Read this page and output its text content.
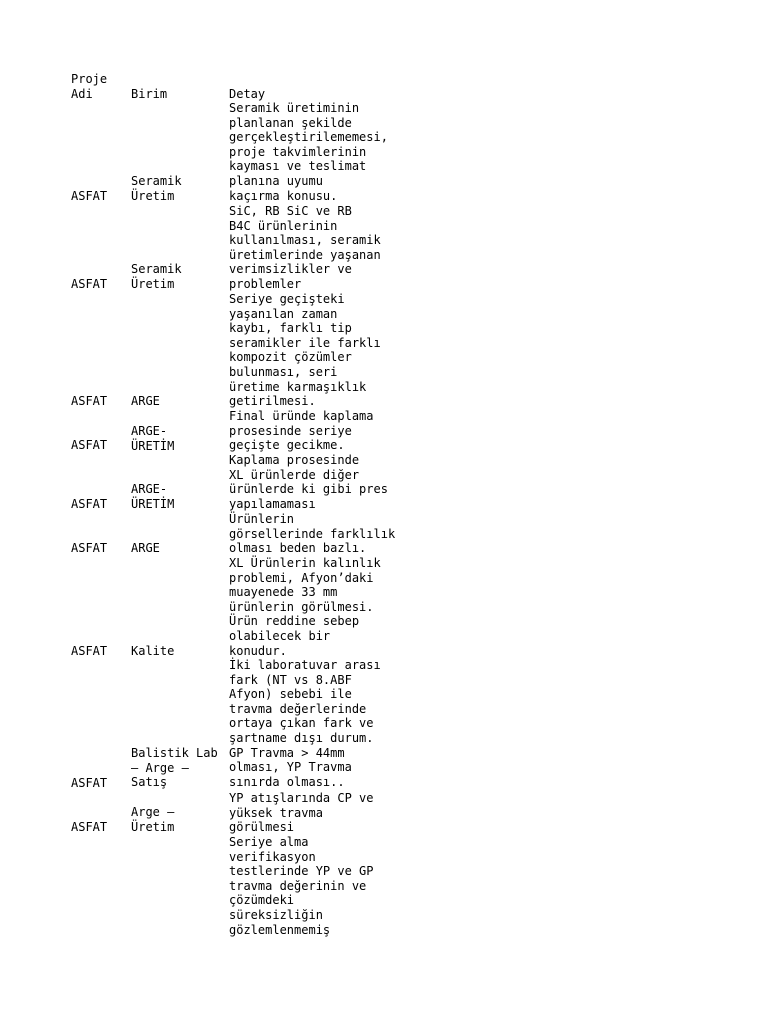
Proje
Adi	Birim	Detay
Seramik üretiminin
planlanan şekilde
gerçekleştirilememesi,
proje takvimlerinin
kayması ve teslimat
planına uyumu
kaçırma konusu.
Seramik
Üretim
ASFAT
SiC, RB SiC ve RB
B4C ürünlerinin
kullanılması, seramik
üretimlerinde yaşanan
verimsizlikler ve
problemler
Seramik
Üretim
ASFAT
Seriye geçişteki
yaşanılan zaman
kaybı, farklı tip
seramikler ile farklı
kompozit çözümler
bulunması, seri
üretime karmaşıklık
getirilmesi.
ASFAT ARGE
Final üründe kaplama
prosesinde seriye
geçişte gecikme.
ARGE-
ÜRETİM
ASFAT
Kaplama prosesinde
XL ürünlerde diğer
ürünlerde ki gibi pres
yapılamaması
ARGE-
ÜRETİM
ASFAT
Ürünlerin
görsellerinde farklılık
olması beden bazlı.
ASFAT ARGE
XL Ürünlerin kalınlık
problemi, Afyon’daki
muayenede 33 mm
ürünlerin görülmesi.
Ürün reddine sebep
olabilecek bir
konudur.
ASFAT Kalite
İki laboratuvar arası
fark (NT vs 8.ABF
Afyon) sebebi ile
travma değerlerinde
ortaya çıkan fark ve
şartname dışı durum.
GP Travma > 44mm
olması, YP Travma
sınırda olması..
Balistik Lab
– Arge –
Satış
ASFAT
YP atışlarında CP ve
yüksek travma
görülmesi
Arge –
Üretim
ASFAT
Seriye alma
verifikasyon
testlerinde YP ve GP
travma değerinin ve
çözümdeki
süreksizliğin
gözlemlenmemiş
